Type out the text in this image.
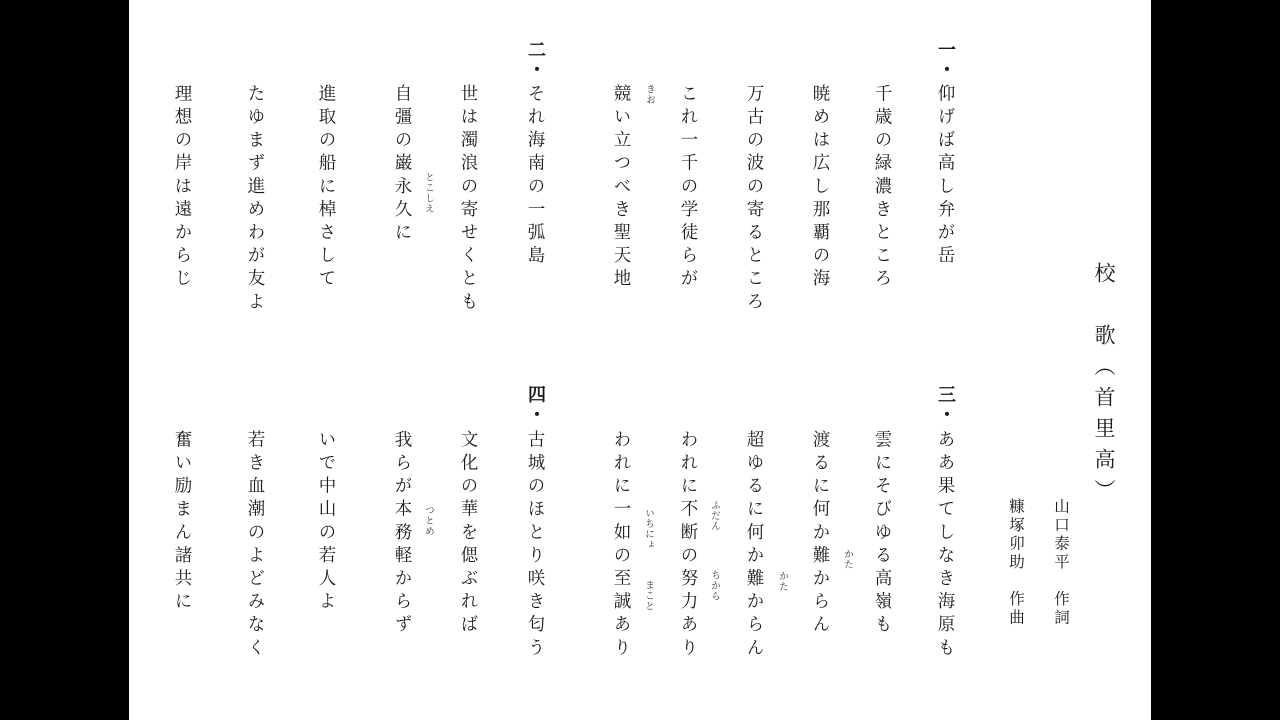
校　歌（首里高）
山口泰平　作詞
糠塚卯助　作曲
一・
仰げば高し弁が岳
千歳の緑濃きところ
暁めは広し那覇の海
万古の波の寄るところ
これ一千の学徒らが
競い立つべき聖天地 きお
二・
それ海南の一弧島
世は濁浪の寄せくとも
自彊の巌永久に
進取の船に棹さして
たゆまず進めわが友よ
理想の岸は遠からじ	とこしえ
三・
ああ果てしなき海原も
雲にそびゆる高嶺も
渡るに何か難からん
超ゆるに何か難からん
われに不断の努力あり
われに一如の至誠あり	かた
かた
ふだん
ちから
いちにょ
まこと
四・
古城のほとり咲き匂う
文化の華を偲ぶれば
我らが本務軽からず
いで中山の若人よ
若き血潮のよどみなく
奮い励まん諸共に	つとめ
